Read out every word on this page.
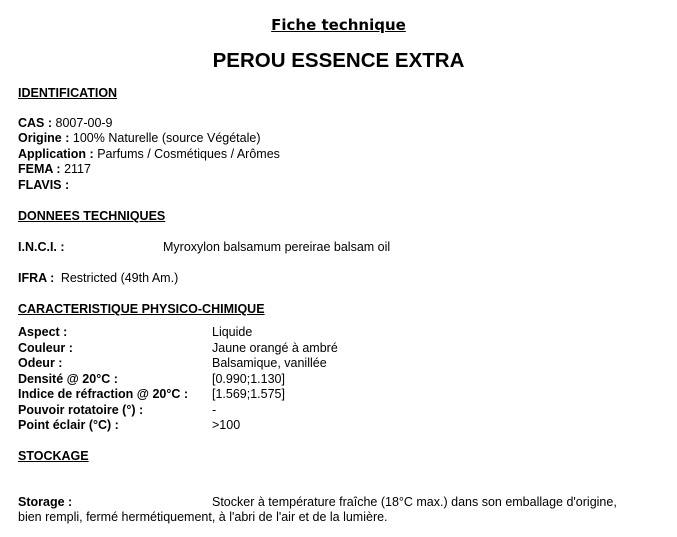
Fiche technique
PEROU ESSENCE EXTRA
IDENTIFICATION
CAS : 8007-00-9
Origine : 100% Naturelle (source Végétale)
Application : Parfums / Cosmétiques / Arômes
FEMA : 2117
FLAVIS :
DONNEES TECHNIQUES
I.N.C.I. :	Myroxylon balsamum pereirae balsam oil
IFRA : Restricted (49th Am.)
CARACTERISTIQUE PHYSICO-CHIMIQUE
Aspect :	Liquide
Couleur :	Jaune orangé à ambré
Odeur :	Balsamique, vanillée
Densité @ 20°C :	[0.990;1.130]
Indice de réfraction @ 20°C : [1.569;1.575]
Pouvoir rotatoire (°) :	-
Point éclair (°C) :	>100
STOCKAGE
Storage :	Stocker à température fraîche (18°C max.) dans son emballage d'origine,
bien rempli, fermé hermétiquement, à l'abri de l'air et de la lumière.
